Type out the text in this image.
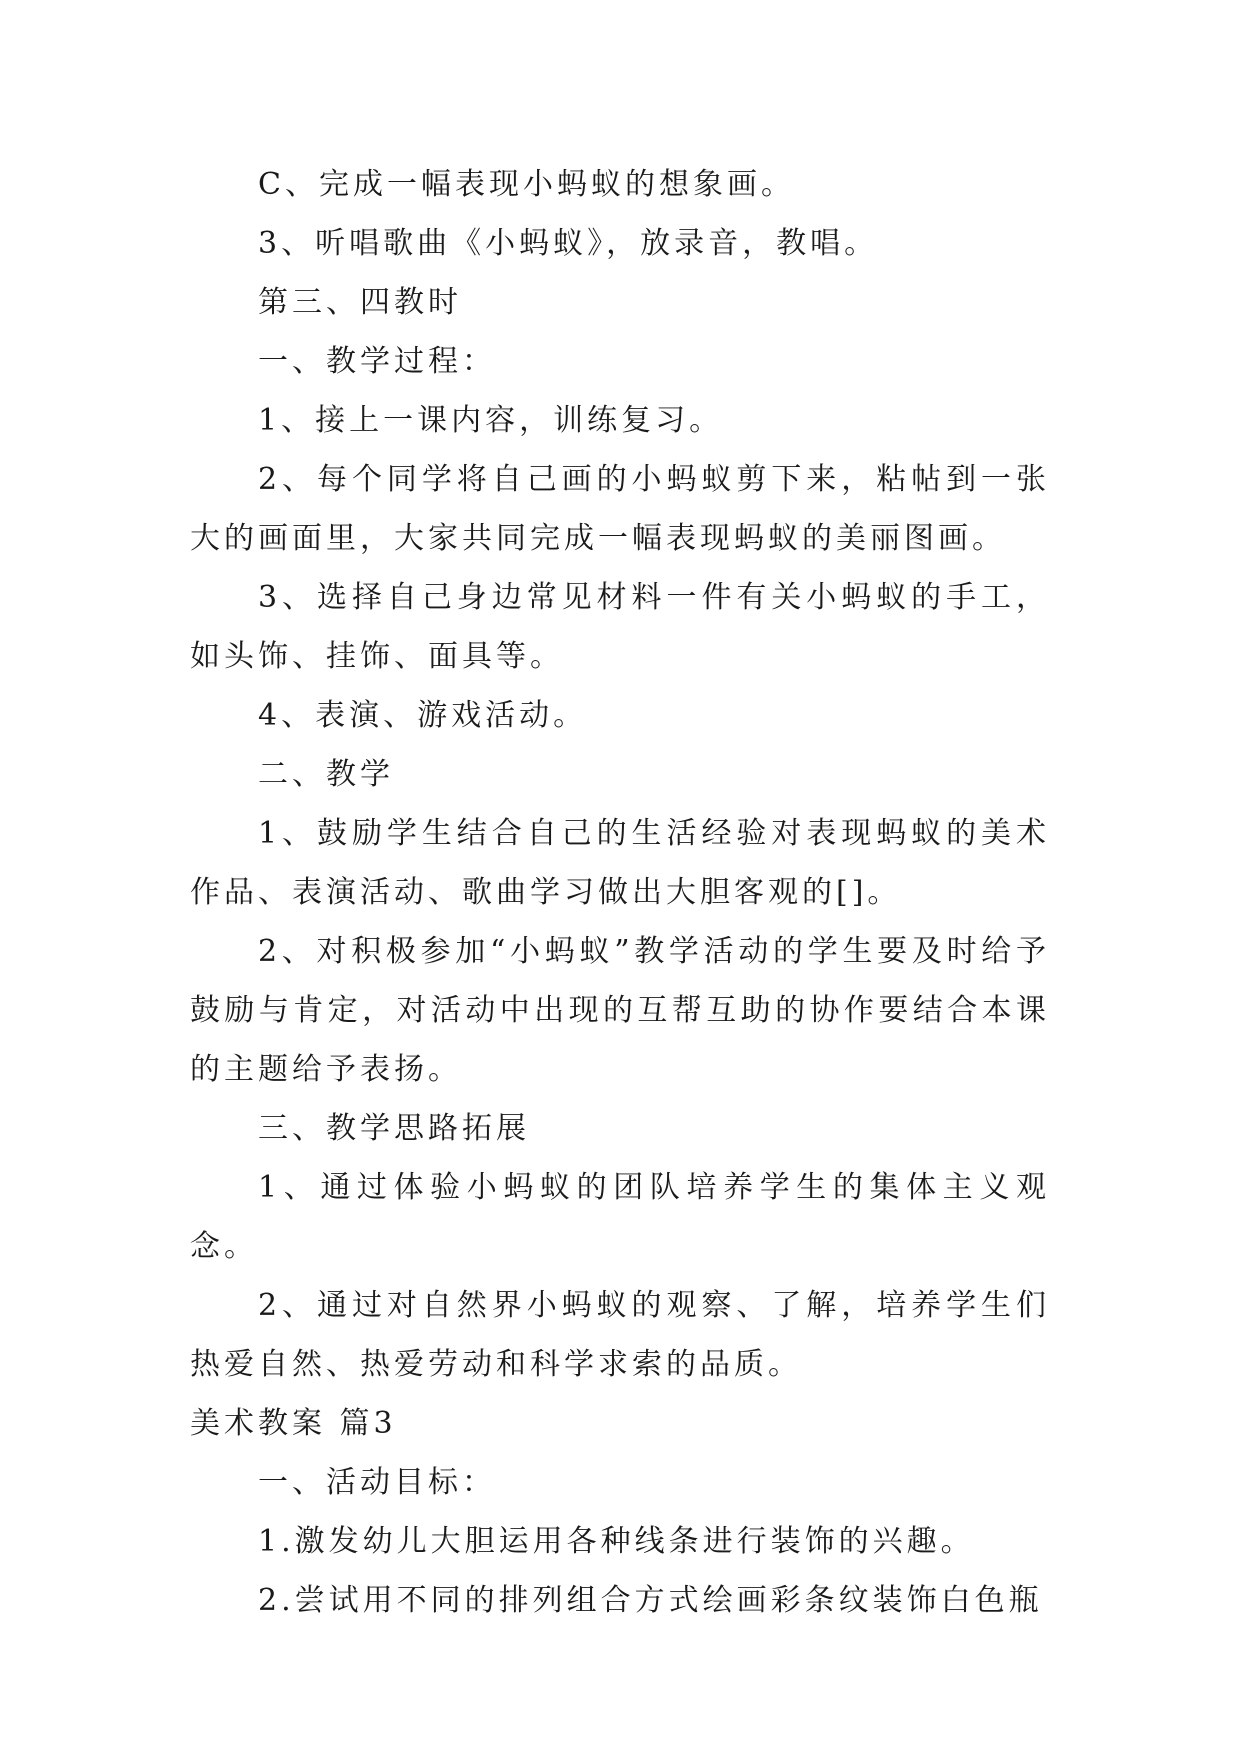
C、完成一幅表现小蚂蚁的想象画。

3、听唱歌曲《小蚂蚁》，放录音，教唱。

第三、四教时

一、教学过程：

1、接上一课内容，训练复习。

2、每个同学将自己画的小蚂蚁剪下来，粘帖到一张大的画面里，大家共同完成一幅表现蚂蚁的美丽图画。

3、选择自己身边常见材料一件有关小蚂蚁的手工，如头饰、挂饰、面具等。

4、表演、游戏活动。

二、教学

1、鼓励学生结合自己的生活经验对表现蚂蚁的美术作品、表演活动、歌曲学习做出大胆客观的[]。

2、对积极参加“小蚂蚁”教学活动的学生要及时给予鼓励与肯定，对活动中出现的互帮互助的协作要结合本课的主题给予表扬。

三、教学思路拓展

1、通过体验小蚂蚁的团队培养学生的集体主义观念。

2、通过对自然界小蚂蚁的观察、了解，培养学生们热爱自然、热爱劳动和科学求索的品质。

美术教案 篇3

一、活动目标：

1.激发幼儿大胆运用各种线条进行装饰的兴趣。

2.尝试用不同的排列组合方式绘画彩条纹装饰白色瓶
